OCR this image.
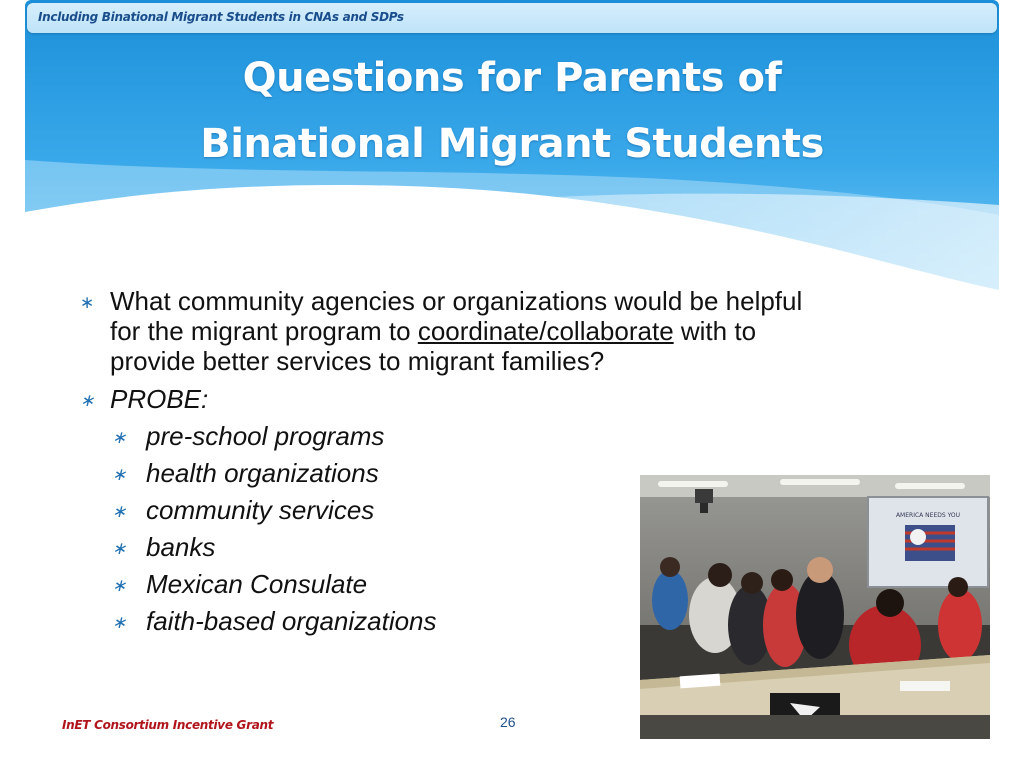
Including Binational Migrant Students in CNAs and SDPs
Questions for Parents of
Binational Migrant Students
∗ What community agencies or organizations would be helpful
for the migrant program to coordinate/collaborate with to
provide better services to migrant families?
∗ PROBE:
∗ pre-school programs
∗ health organizations
∗ community services
∗ banks
∗ Mexican Consulate
∗ faith-based organizations
AMERICA NEEDS YOU
InET Consortium Incentive Grant	26
